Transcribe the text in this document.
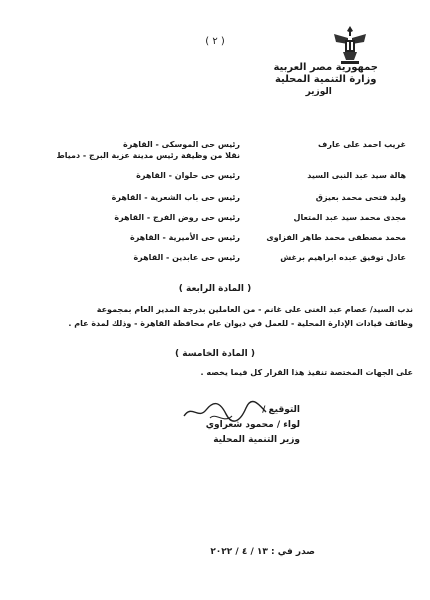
( ٢ )
جمهورية مصر العربية
وزارة التنمية المحلية
الوزير
غريب احمد على عارف
رئيس حى الموسكى - القاهرة
نقلا من وظيفة رئيس مدينة عزبة البرج - دمياط
هالة سيد عبد النبى السيد
رئيس حى حلوان - القاهرة
وليد فتحى محمد بعيزق
رئيس حى باب الشعرية - القاهرة
مجدى محمد سيد عبد المتعال
رئيس حى روض الفرج - القاهرة
محمد مصطفى محمد طاهر الفزاوى
رئيس حى الأميرية - القاهرة
عادل توفيق عبده ابراهيم برغش
رئيس حى عابدين - القاهرة
( المادة الرابعة )
ندب السيد/ عصام عبد الغنى على غانم - من العاملين بدرجة المدير العام بمجموعة
وظائف قيادات الإدارة المحلية - للعمل في ديوان عام محافظة القاهرة - وذلك لمدة عام .
( المادة الخامسة )
على الجهات المختصة تنفيذ هذا القرار كل فيما يخصه .
التوقيع /
لواء / محمود شعراوي
وزير التنمية المحلية
صدر في : ١٣ / ٤ / ٢٠٢٢
